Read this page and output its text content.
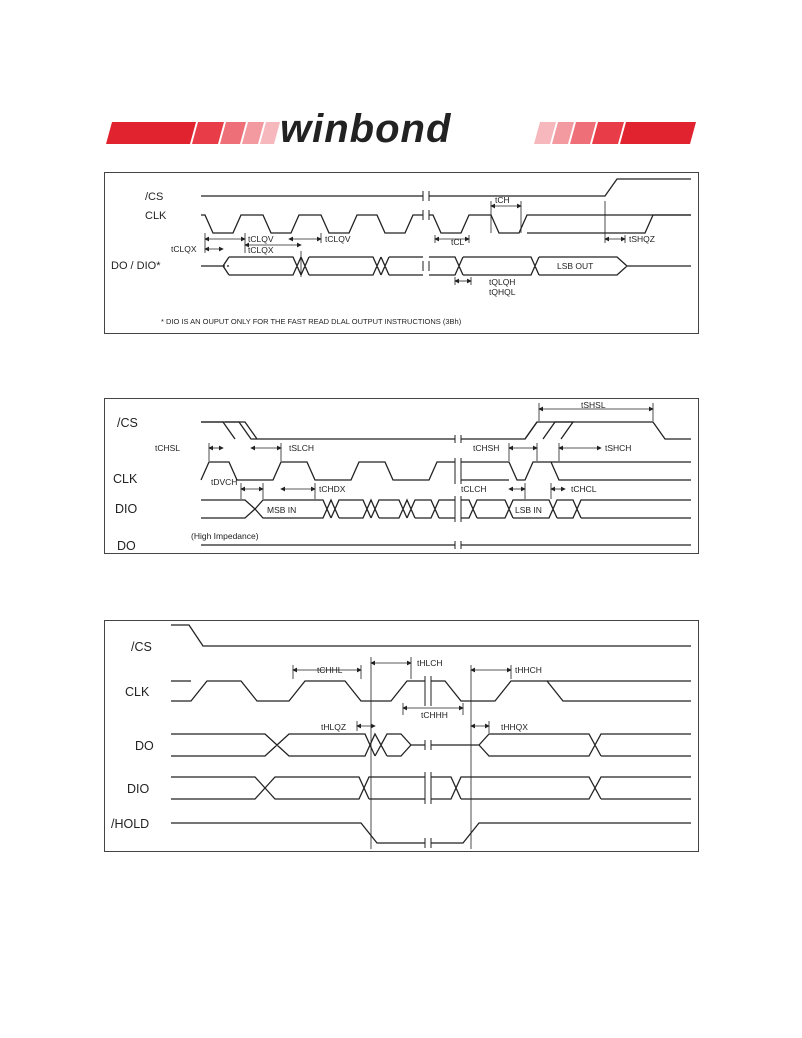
winbond
/CS
CLK
DO / DIO*
tCLQV	tCLQV
tCLQX	tCLQX
tCH
tCL	tSHQZ
tQLQH
tQHQL
LSB OUT
* DIO IS AN OUPUT ONLY FOR THE FAST READ DLAL OUTPUT INSTRUCTIONS (3Bh)
/CS
CLK
DIO
DO
tSHSL
tCHSL	tSLCH	tCHSH	tSHCH
tDVCH
tCHDX	tCLCH	tCHCL
MSB IN	LSB IN
(High Impedance)
/CS
CLK
DO
DIO
/HOLD
tCHHL
tHLCH
tHHCH
tCHHH
tHLQZ	tHHQX
